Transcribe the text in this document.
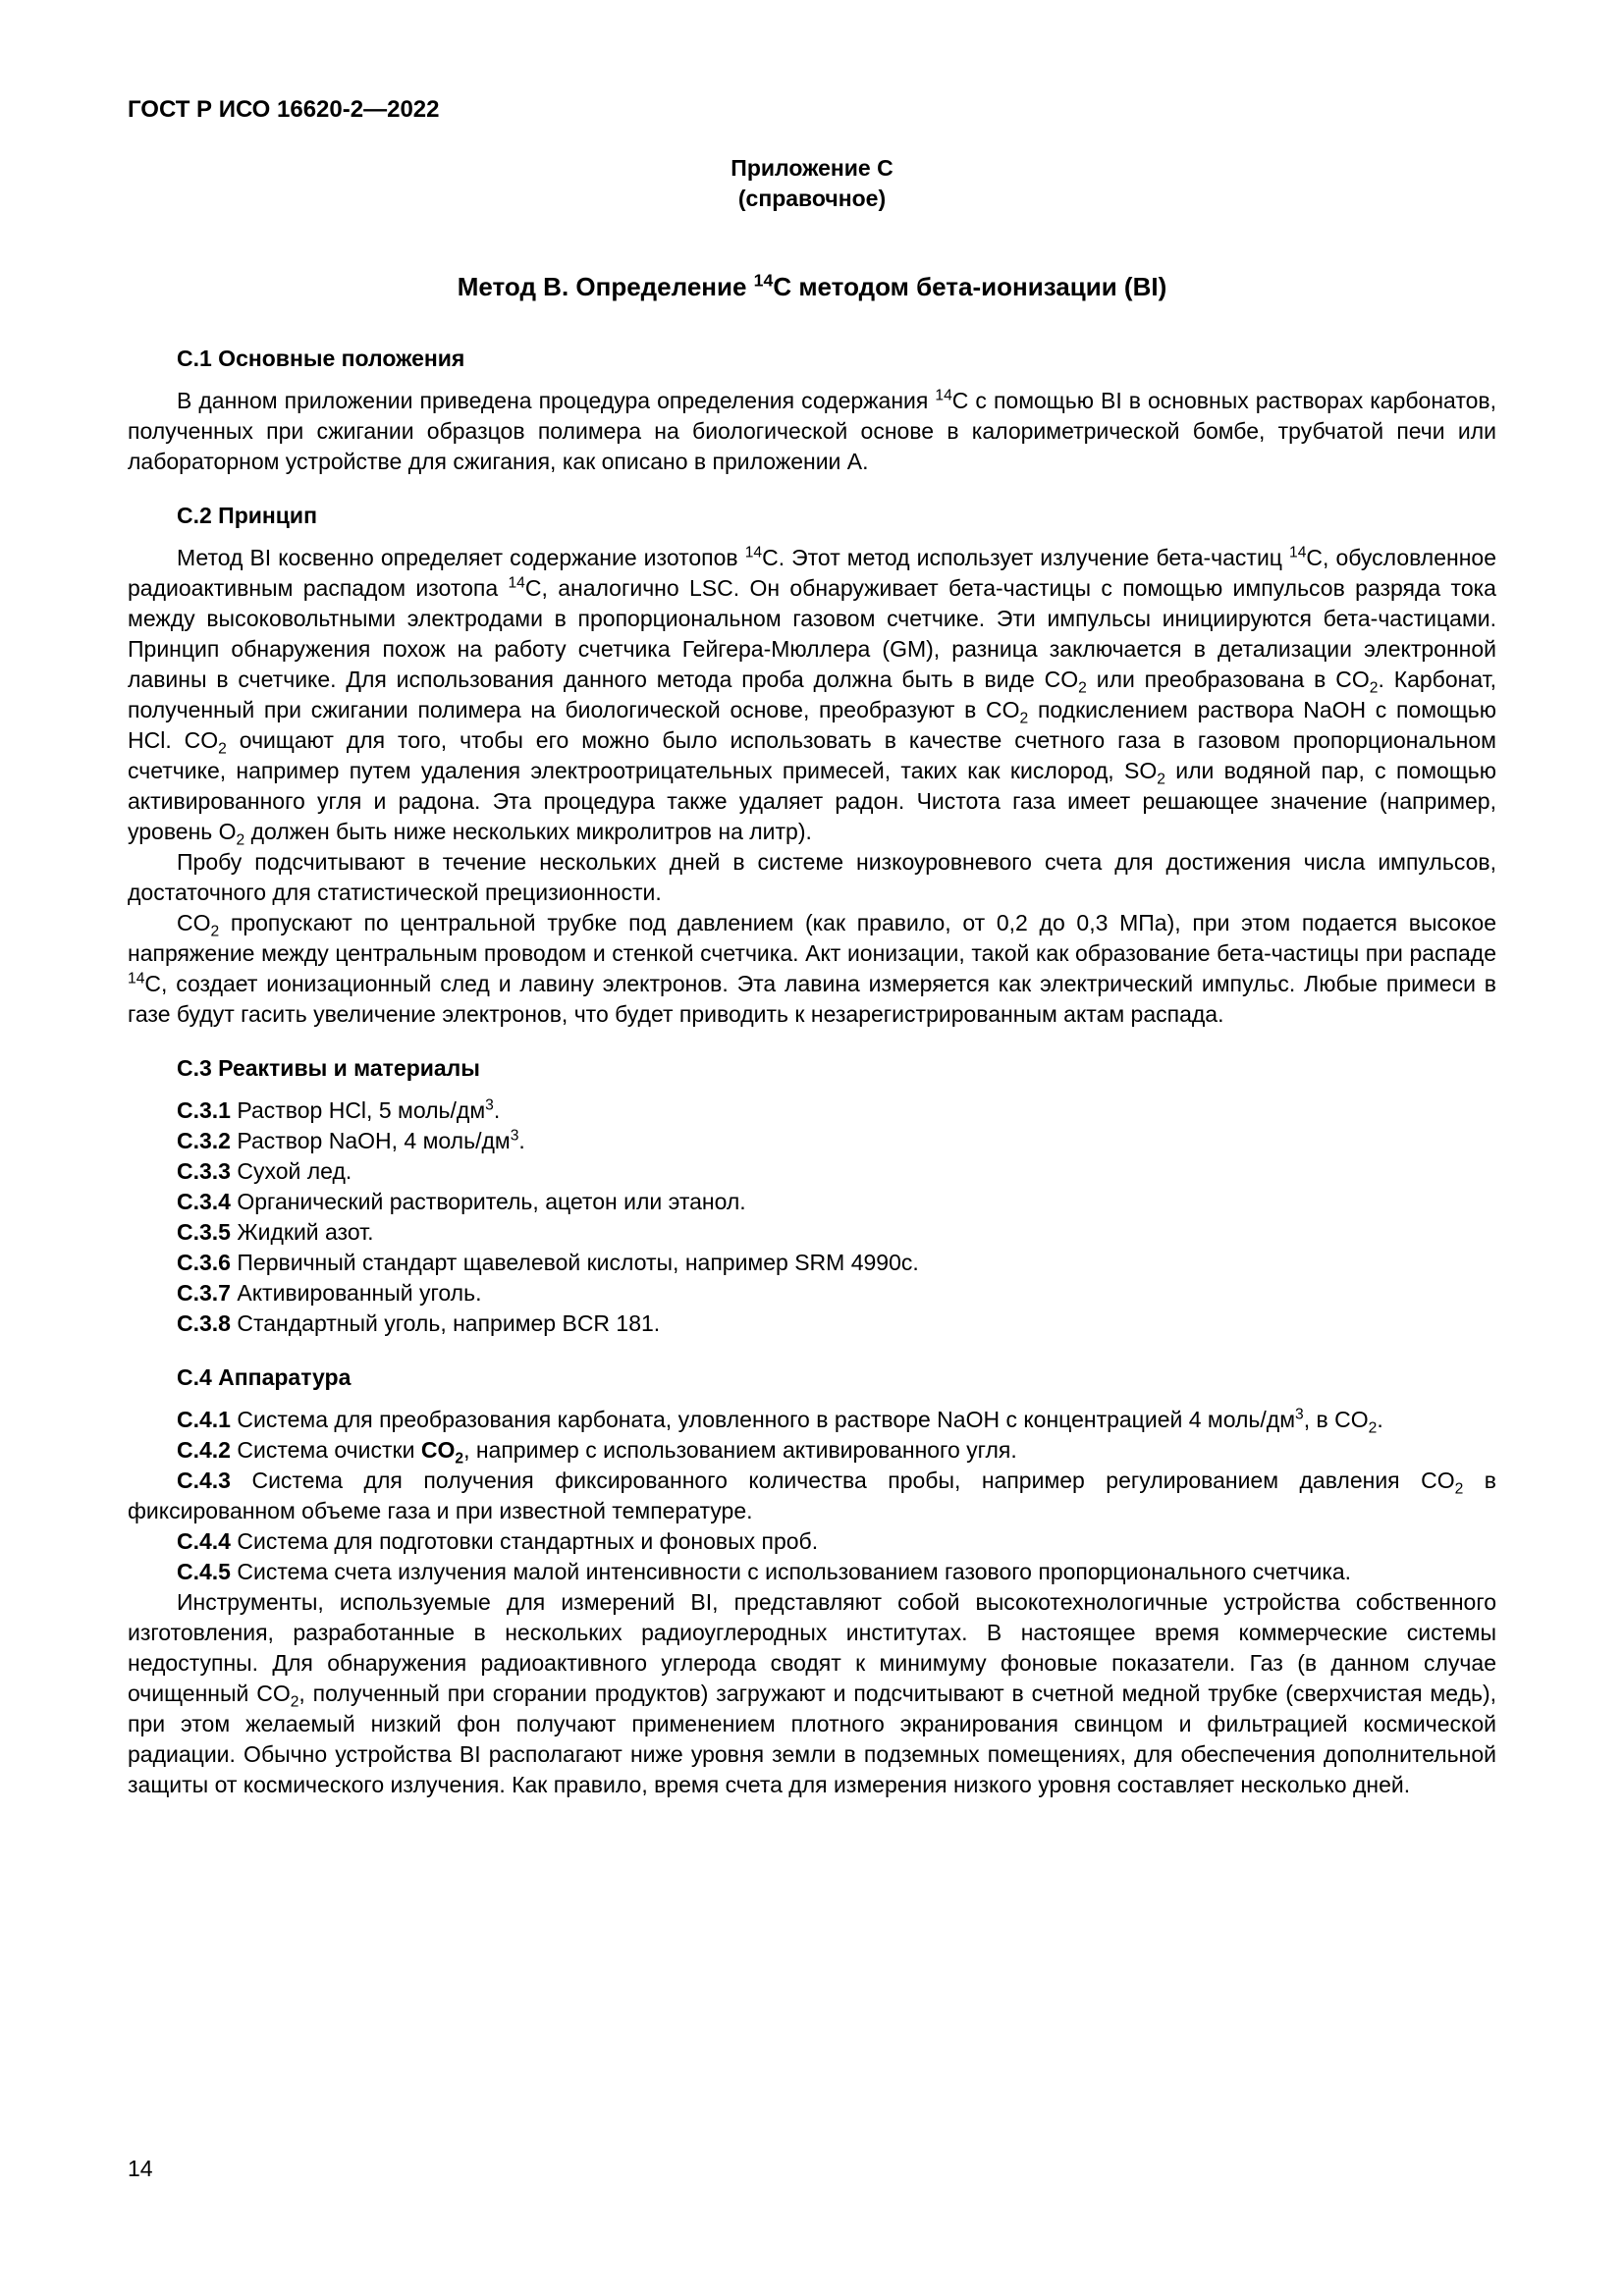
ГОСТ Р ИСО 16620-2—2022
Приложение С
(справочное)
Метод В. Определение $^{14}$C методом бета-ионизации (BI)

С.1 Основные положения

В данном приложении приведена процедура определения содержания $^{14}$C с помощью BI в основных растворах карбонатов, полученных при сжигании образцов полимера на биологической основе в калориметрической бомбе, трубчатой печи или лабораторном устройстве для сжигания, как описано в приложении А.

С.2 Принцип

Метод BI косвенно определяет содержание изотопов $^{14}$C. Этот метод использует излучение бета-частиц $^{14}$C, обусловленное радиоактивным распадом изотопа $^{14}$C, аналогично LSC. Он обнаруживает бета-частицы с помощью импульсов разряда тока между высоковольтными электродами в пропорциональном газовом счетчике. Эти импульсы инициируются бета-частицами. Принцип обнаружения похож на работу счетчика Гейгера-Мюллера (GM), разница заключается в детализации электронной лавины в счетчике. Для использования данного метода проба должна быть в виде $CO_2$ или преобразована в $CO_2$. Карбонат, полученный при сжигании полимера на биологической основе, преобразуют в $CO_2$ подкислением раствора NaOH с помощью HCl. $CO_2$ очищают для того, чтобы его можно было использовать в качестве счетного газа в газовом пропорциональном счетчике, например путем удаления электроотрицательных примесей, таких как кислород, $SO_2$ или водяной пар, с помощью активированного угля и радона. Эта процедура также удаляет радон. Чистота газа имеет решающее значение (например, уровень $O_2$ должен быть ниже нескольких микролитров на литр).

Пробу подсчитывают в течение нескольких дней в системе низкоуровневого счета для достижения числа импульсов, достаточного для статистической прецизионности.

$CO_2$ пропускают по центральной трубке под давлением (как правило, от 0,2 до 0,3 МПа), при этом подается высокое напряжение между центральным проводом и стенкой счетчика. Акт ионизации, такой как образование бета-частицы при распаде $^{14}$C, создает ионизационный след и лавину электронов. Эта лавина измеряется как электрический импульс. Любые примеси в газе будут гасить увеличение электронов, что будет приводить к незарегистрированным актам распада.

С.3 Реактивы и материалы

С.3.1 Раствор HCl, 5 моль/$дм^3$.

С.3.2 Раствор NaOH, 4 моль/$дм^3$.

С.3.3 Сухой лед.

С.3.4 Органический растворитель, ацетон или этанол.

С.3.5 Жидкий азот.

С.3.6 Первичный стандарт щавелевой кислоты, например SRM 4990c.

С.3.7 Активированный уголь.

С.3.8 Стандартный уголь, например BCR 181.

С.4 Аппаратура

С.4.1 Система для преобразования карбоната, уловленного в растворе NaOH с концентрацией 4 моль/$дм^3$, в $CO_2$.

С.4.2 Система очистки $CO_2$, например с использованием активированного угля.

С.4.3 Система для получения фиксированного количества пробы, например регулированием давления $CO_2$ в фиксированном объеме газа и при известной температуре.

С.4.4 Система для подготовки стандартных и фоновых проб.

С.4.5 Система счета излучения малой интенсивности с использованием газового пропорционального счетчика.

Инструменты, используемые для измерений BI, представляют собой высокотехнологичные устройства собственного изготовления, разработанные в нескольких радиоуглеродных институтах. В настоящее время коммерческие системы недоступны. Для обнаружения радиоактивного углерода сводят к минимуму фоновые показатели. Газ (в данном случае очищенный $CO_2$, полученный при сгорании продуктов) загружают и подсчитывают в счетной медной трубке (сверхчистая медь), при этом желаемый низкий фон получают применением плотного экранирования свинцом и фильтрацией космической радиации. Обычно устройства BI располагают ниже уровня земли в подземных помещениях, для обеспечения дополнительной защиты от космического излучения. Как правило, время счета для измерения низкого уровня составляет несколько дней.

14
